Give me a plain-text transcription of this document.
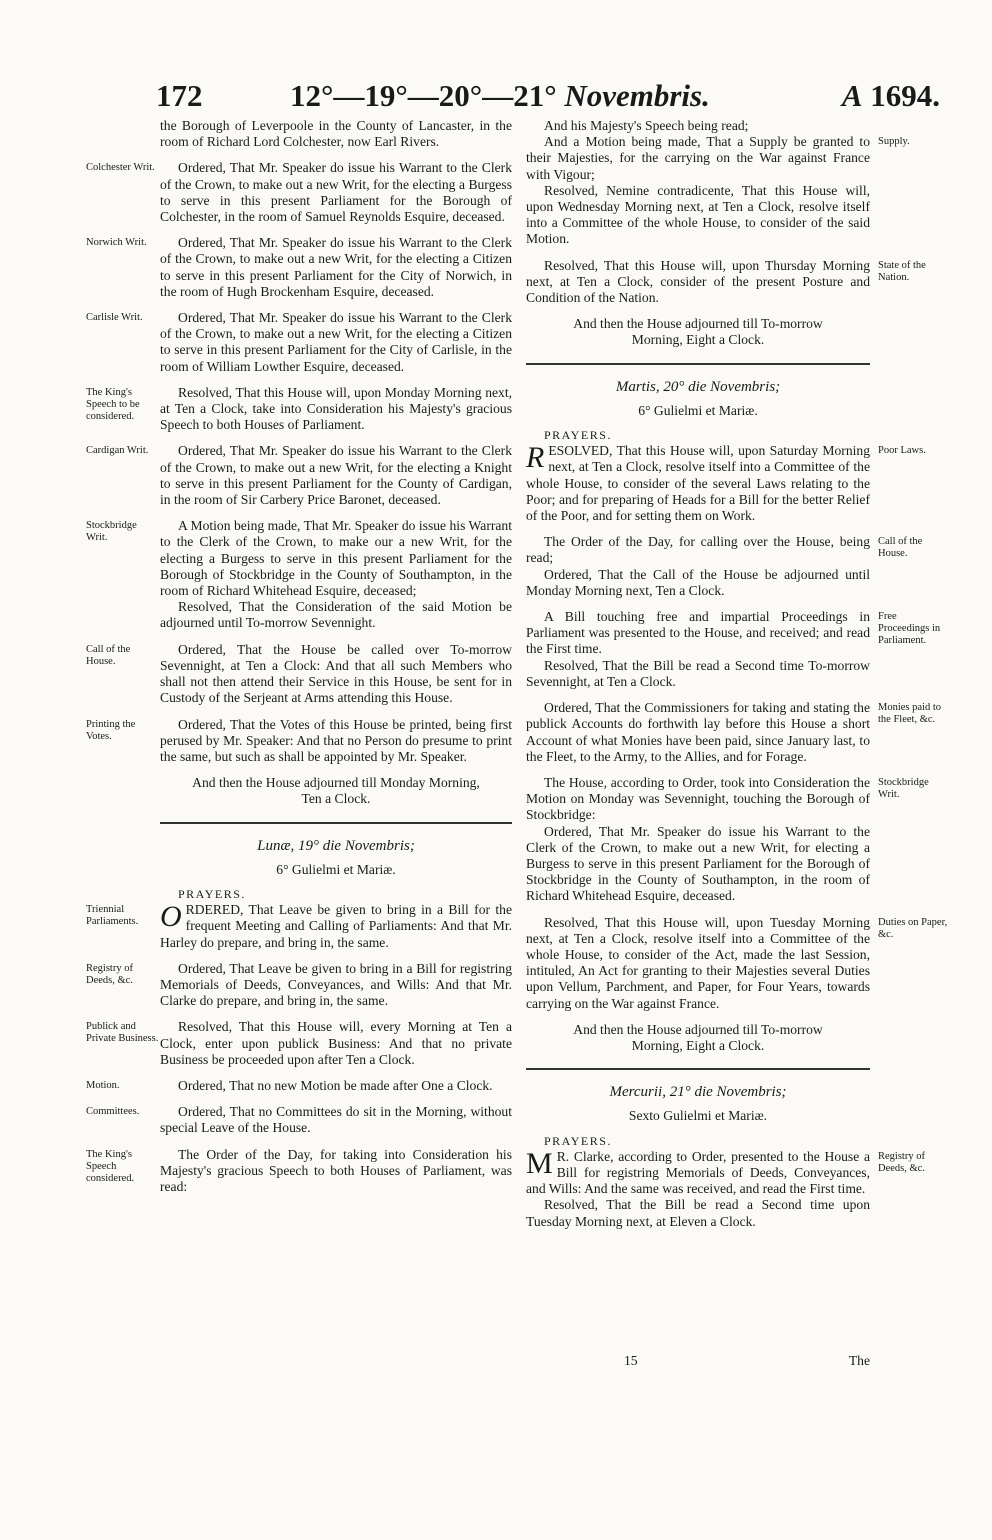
172	12°—19°—20°—21° Novembris.	A 1694.

the Borough of Leverpoole in the County of Lancaster, in the room of Richard Lord Colchester, now Earl Rivers.

Colchester Writ.	Ordered, That Mr. Speaker do issue his Warrant to the Clerk of the Crown, to make out a new Writ, for the electing a Burgess to serve in this present Parliament for the Borough of Colchester, in the room of Samuel Reynolds Esquire, deceased.

Norwich Writ.	Ordered, That Mr. Speaker do issue his Warrant to the Clerk of the Crown, to make out a new Writ, for the electing a Citizen to serve in this present Parliament for the City of Norwich, in the room of Hugh Brockenham Esquire, deceased.

Carlisle Writ.	Ordered, That Mr. Speaker do issue his Warrant to the Clerk of the Crown, to make out a new Writ, for the electing a Citizen to serve in this present Parliament for the City of Carlisle, in the room of William Lowther Esquire, deceased.

The King's Speech to be considered.
Resolved, That this House will, upon Monday Morning next, at Ten a Clock, take into Consideration his Majesty's gracious Speech to both Houses of Parliament.

Cardigan Writ.	Ordered, That Mr. Speaker do issue his Warrant to the Clerk of the Crown, to make out a new Writ, for the electing a Knight to serve in this present Parliament for the County of Cardigan, in the room of Sir Carbery Price Baronet, deceased.

Stockbridge Writ.
A Motion being made, That Mr. Speaker do issue his Warrant to the Clerk of the Crown, to make our a new Writ, for the electing a Burgess to serve in this present Parliament for the Borough of Stockbridge in the County of Southampton, in the room of Richard Whitehead Esquire, deceased;

Resolved, That the Consideration of the said Motion be adjourned until To-morrow Sevennight.

Call of the House.
Ordered, That the House be called over To-morrow Sevennight, at Ten a Clock: And that all such Members who shall not then attend their Service in this House, be sent for in Custody of the Serjeant at Arms attending this House.

Printing the Votes.
Ordered, That the Votes of this House be printed, being first perused by Mr. Speaker: And that no Person do presume to print the same, but such as shall be appointed by Mr. Speaker.

And then the House adjourned till Monday Morning, Ten a Clock.

Lunæ, 19° die Novembris;
6° Gulielmi et Mariæ.
PRAYERS.

Triennial Parliaments. O RDERED, That Leave be given to bring in a Bill for the frequent Meeting and Calling of Parliaments: And that Mr. Harley do prepare, and bring in, the same.

Registry of Deeds, &c.
Ordered, That Leave be given to bring in a Bill for registring Memorials of Deeds, Conveyances, and Wills: And that Mr. Clarke do prepare, and bring in, the same.

Publick and Private Business.
Resolved, That this House will, every Morning at Ten a Clock, enter upon publick Business: And that no private Business be proceeded upon after Ten a Clock.

Motion.	Ordered, That no new Motion be made after One a Clock.

Committees.	Ordered, That no Committees do sit in the Morning, without special Leave of the House.

The King's Speech considered.
The Order of the Day, for taking into Consideration his Majesty's gracious Speech to both Houses of Parliament, was read:

And his Majesty's Speech being read;

Supply.
And a Motion being made, That a Supply be granted to their Majesties, for the carrying on the War against France with Vigour;

Resolved, Nemine contradicente, That this House will, upon Wednesday Morning next, at Ten a Clock, resolve itself into a Committee of the whole House, to consider of the said Motion.

State of the Nation.
Resolved, That this House will, upon Thursday Morning next, at Ten a Clock, consider of the present Posture and Condition of the Nation.

And then the House adjourned till To-morrow Morning, Eight a Clock.

Martis, 20° die Novembris;
6° Gulielmi et Mariæ.
PRAYERS.

Poor Laws.
R ESOLVED, That this House will, upon Saturday Morning next, at Ten a Clock, resolve itself into a Committee of the whole House, to consider of the several Laws relating to the Poor; and for preparing of Heads for a Bill for the better Relief of the Poor, and for setting them on Work.

Call of the House.
The Order of the Day, for calling over the House, being read;

Ordered, That the Call of the House be adjourned until Monday Morning next, Ten a Clock.

Free Proceedings in Parliament.
A Bill touching free and impartial Proceedings in Parliament was presented to the House, and received; and read the First time.

Resolved, That the Bill be read a Second time To-morrow Sevennight, at Ten a Clock.

Monies paid to the Fleet, &c.
Ordered, That the Commissioners for taking and stating the publick Accounts do forthwith lay before this House a short Account of what Monies have been paid, since January last, to the Fleet, to the Army, to the Allies, and for Forage.

Stockbridge Writ.
The House, according to Order, took into Consideration the Motion on Monday was Sevennight, touching the Borough of Stockbridge:

Ordered, That Mr. Speaker do issue his Warrant to the Clerk of the Crown, to make out a new Writ, for electing a Burgess to serve in this present Parliament for the Borough of Stockbridge in the County of Southampton, in the room of Richard Whitehead Esquire, deceased.

Duties on Paper, &c.
Resolved, That this House will, upon Tuesday Morning next, at Ten a Clock, resolve itself into a Committee of the whole House, to consider of the Act, made the last Session, intituled, An Act for granting to their Majesties several Duties upon Vellum, Parchment, and Paper, for Four Years, towards carrying on the War against France.

And then the House adjourned till To-morrow Morning, Eight a Clock.

Mercurii, 21° die Novembris;
Sexto Gulielmi et Mariæ.
PRAYERS.

Registry of Deeds, &c.
M R. Clarke, according to Order, presented to the House a Bill for registring Memorials of Deeds, Conveyances, and Wills: And the same was received, and read the First time.

Resolved, That the Bill be read a Second time upon Tuesday Morning next, at Eleven a Clock.

15	The
